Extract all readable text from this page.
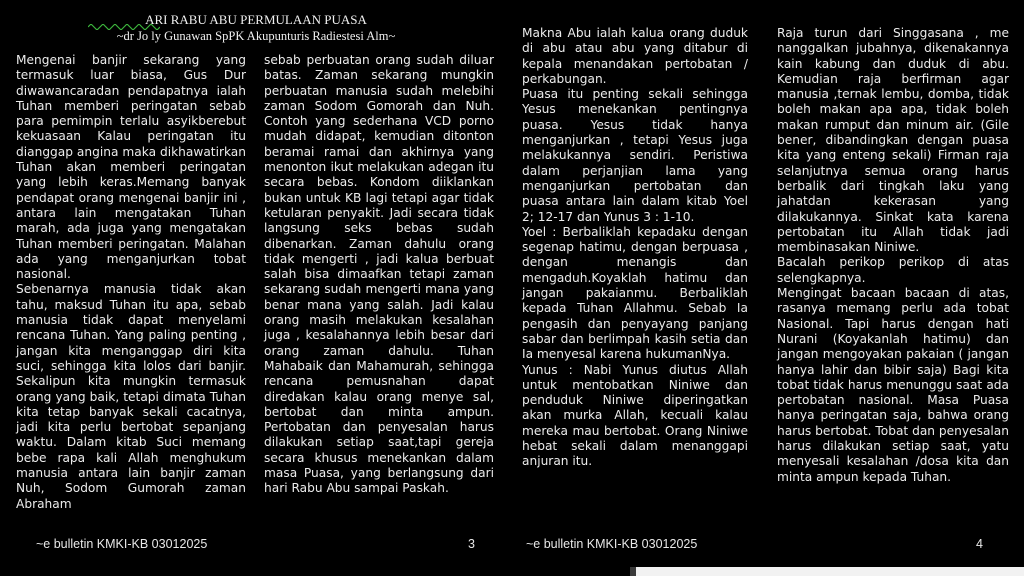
ARI RABU ABU PERMULAAN PUASA
~dr Jo ly Gunawan SpPK Akupunturis Radiestesi Alm~

Mengenai banjir sekarang yang termasuk luar biasa, Gus Dur diwawancaradan pendapatnya ialah Tuhan memberi peringatan sebab para pemimpin terlalu asyikberebut kekuasaan Kalau peringatan itu dianggap angina maka dikhawatirkan Tuhan akan memberi peringatan yang lebih keras.Memang banyak pendapat orang mengenai banjir ini , antara lain mengatakan Tuhan marah, ada juga yang mengatakan Tuhan memberi peringatan. Malahan ada yang menganjurkan tobat nasional.

Sebenarnya manusia tidak akan tahu, maksud Tuhan itu apa, sebab manusia tidak dapat menyelami rencana Tuhan. Yang paling penting , jangan kita menganggap diri kita suci, sehingga kita lolos dari banjir. Sekalipun kita mungkin termasuk orang yang baik, tetapi dimata Tuhan kita tetap banyak sekali cacatnya, jadi kita perlu bertobat sepanjang waktu. Dalam kitab Suci memang bebe rapa kali Allah menghukum manusia antara lain banjir zaman Nuh, Sodom Gumorah zaman Abraham

sebab perbuatan orang sudah diluar batas. Zaman sekarang mungkin perbuatan manusia sudah melebihi zaman Sodom Gomorah dan Nuh. Contoh yang sederhana VCD porno mudah didapat, kemudian ditonton beramai ramai dan akhirnya yang menonton ikut melakukan adegan itu secara bebas. Kondom diiklankan bukan untuk KB lagi tetapi agar tidak ketularan penyakit. Jadi secara tidak langsung seks bebas sudah dibenarkan. Zaman dahulu orang tidak mengerti , jadi kalua berbuat salah bisa dimaafkan tetapi zaman sekarang sudah mengerti mana yang benar mana yang salah. Jadi kalau orang masih melakukan kesalahan juga , kesalahannya lebih besar dari orang zaman dahulu. Tuhan Mahabaik dan Mahamurah, sehingga rencana pemusnahan dapat diredakan kalau orang menye sal, bertobat dan minta ampun. Pertobatan dan penyesalan harus dilakukan setiap saat,tapi gereja secara khusus menekankan dalam masa Puasa, yang berlangsung dari hari Rabu Abu sampai Paskah.

~e bulletin KMKI-KB 03012025	3

Makna Abu ialah kalua orang duduk di abu atau abu yang ditabur di kepala menandakan pertobatan / perkabungan.

Puasa itu penting sekali sehingga Yesus menekankan pentingnya puasa. Yesus tidak hanya menganjurkan , tetapi Yesus juga melakukannya sendiri. Peristiwa dalam perjanjian lama yang menganjurkan pertobatan dan puasa antara lain dalam kitab Yoel 2; 12-17 dan Yunus 3 : 1-10.

Yoel : Berbaliklah kepadaku dengan segenap hatimu, dengan berpuasa , dengan menangis dan mengaduh.Koyaklah hatimu dan jangan pakaianmu. Berbaliklah kepada Tuhan Allahmu. Sebab Ia pengasih dan penyayang panjang sabar dan berlimpah kasih setia dan Ia menyesal karena hukumanNya.

Yunus : Nabi Yunus diutus Allah untuk mentobatkan Niniwe dan penduduk Niniwe diperingatkan akan murka Allah, kecuali kalau mereka mau bertobat. Orang Niniwe hebat sekali dalam menanggapi anjuran itu.

Raja turun dari Singgasana , me nanggalkan jubahnya, dikenakannya kain kabung dan duduk di abu. Kemudian raja berfirman agar manusia ,ternak lembu, domba, tidak boleh makan apa apa, tidak boleh makan rumput dan minum air. (Gile bener, dibandingkan dengan puasa kita yang enteng sekali) Firman raja selanjutnya semua orang harus berbalik dari tingkah laku yang jahatdan kekerasan yang dilakukannya. Sinkat kata karena pertobatan itu Allah tidak jadi membinasakan Niniwe.

Bacalah perikop perikop di atas selengkapnya.

Mengingat bacaan bacaan di atas, rasanya memang perlu ada tobat Nasional. Tapi harus dengan hati Nurani (Koyakanlah hatimu) dan jangan mengoyakan pakaian ( jangan hanya lahir dan bibir saja) Bagi kita tobat tidak harus menunggu saat ada pertobatan nasional. Masa Puasa hanya peringatan saja, bahwa orang harus bertobat. Tobat dan penyesalan harus dilakukan setiap saat, yatu menyesali kesalahan /dosa kita dan minta ampun kepada Tuhan.

~e bulletin KMKI-KB 03012025	4
